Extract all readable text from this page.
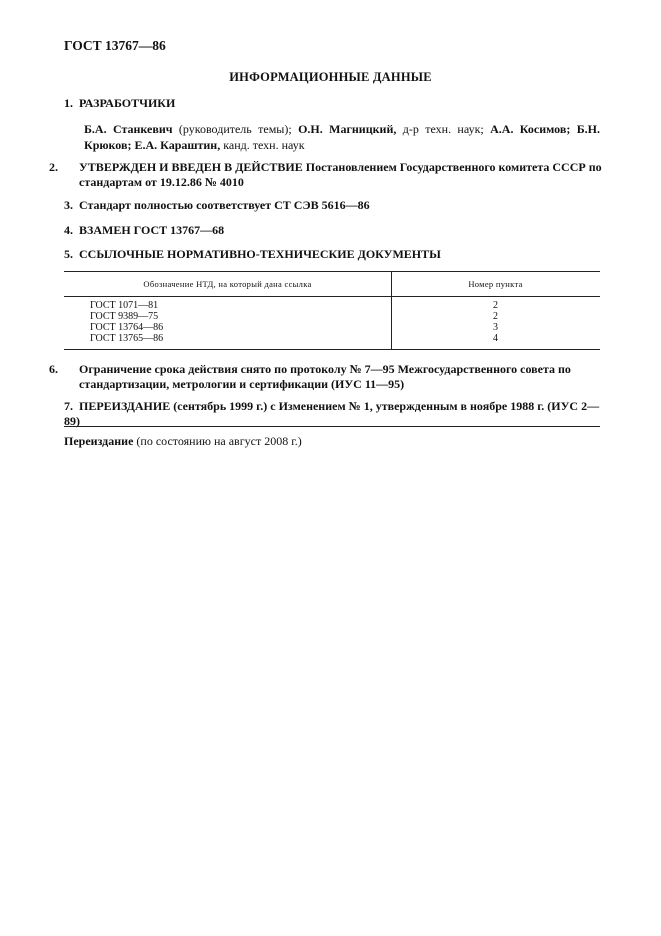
ГОСТ 13767—86
ИНФОРМАЦИОННЫЕ ДАННЫЕ
1. РАЗРАБОТЧИКИ
Б.А. Станкевич (руководитель темы); О.Н. Магницкий, д-р техн. наук; А.А. Косимов; Б.Н. Крюков; Е.А. Караштин, канд. техн. наук
2. УТВЕРЖДЕН И ВВЕДЕН В ДЕЙСТВИЕ Постановлением Государственного комитета СССР по стандартам от 19.12.86 № 4010
3. Стандарт полностью соответствует СТ СЭВ 5616—86
4. ВЗАМЕН ГОСТ 13767—68
5. ССЫЛОЧНЫЕ НОРМАТИВНО-ТЕХНИЧЕСКИЕ ДОКУМЕНТЫ
Обозначение НТД, на который дана ссылка	Номер пункта
ГОСТ 1071—81	2
ГОСТ 9389—75	2
ГОСТ 13764—86	3
ГОСТ 13765—86	4
6. Ограничение срока действия снято по протоколу № 7—95 Межгосударственного совета по стандартизации, метрологии и сертификации (ИУС 11—95)
7. ПЕРЕИЗДАНИЕ (сентябрь 1999 г.) с Изменением № 1, утвержденным в ноябре 1988 г. (ИУС 2—89)
Переиздание (по состоянию на август 2008 г.)
